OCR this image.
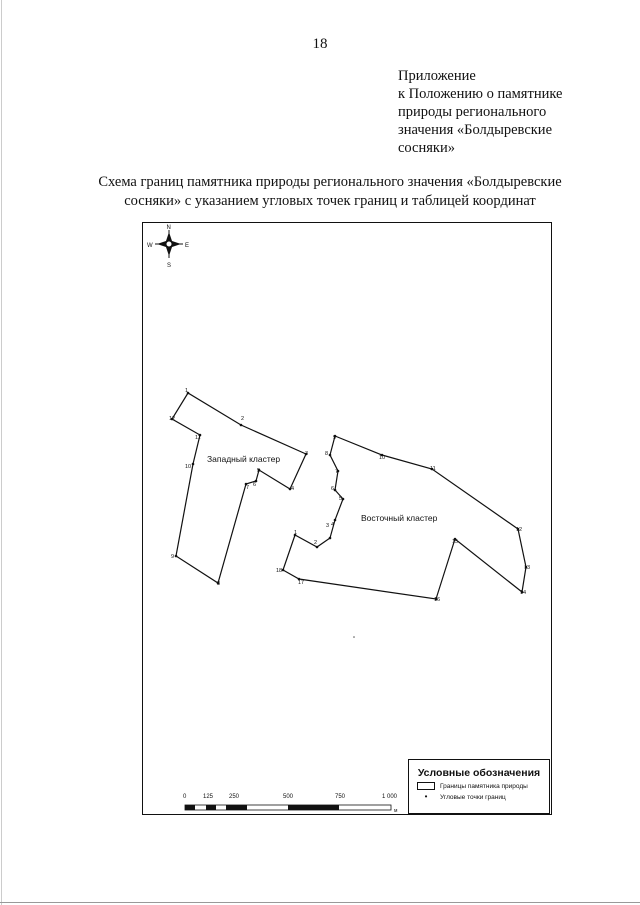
18
Приложение
к Положению о памятнике
природы регионального
значения «Болдыревские
сосняки»
Схема границ памятника природы регионального значения «Болдыревские
сосняки» с указанием угловых точек границ и таблицей координат
N
S
E
W
1
2
3
4
5
6
7
8
9
10
11
12
1
2
3 4
5
6
7
8
9
10
11
12
13
14
15
16
17
18
Западный кластер
Восточный кластер
0	125	250	500	750	1 000
м
Условные обозначения
Границы памятника природы
•	Угловые точки границ
